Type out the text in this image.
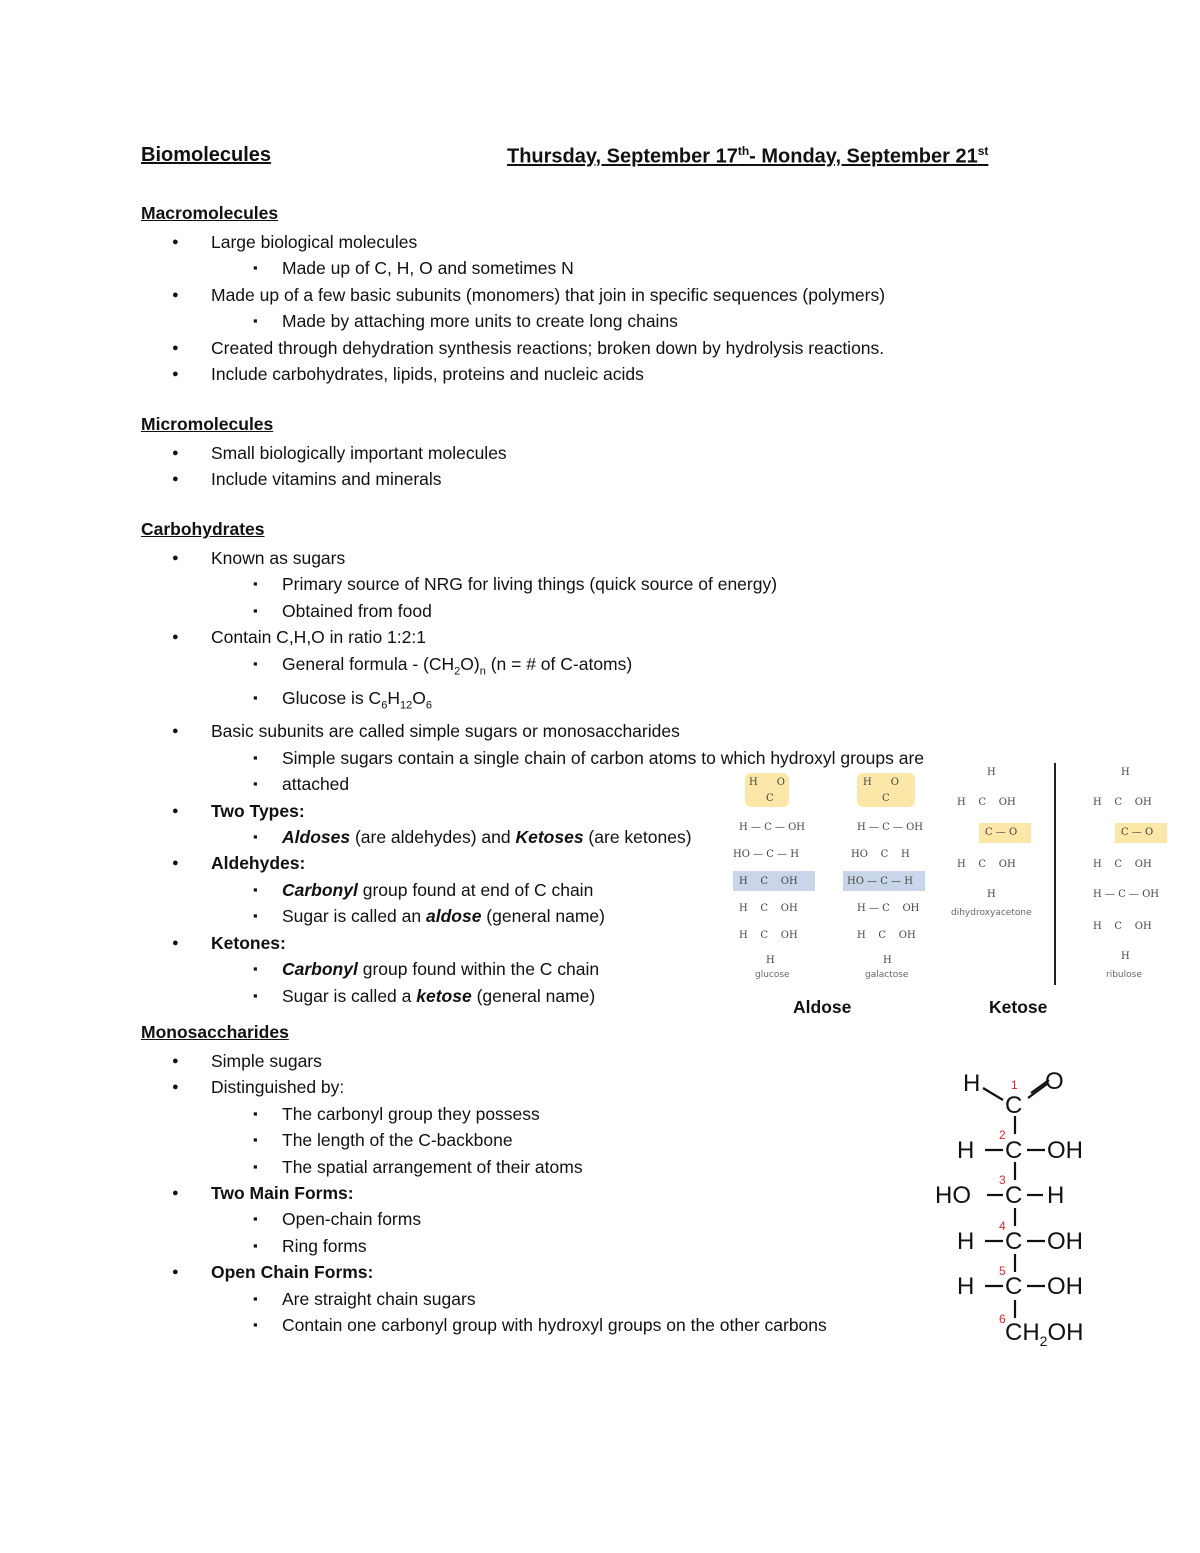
Biomolecules	Thursday, September 17th- Monday, September 21st
Macromolecules
● Large biological molecules
▪ Made up of C, H, O and sometimes N
● Made up of a few basic subunits (monomers) that join in specific sequences (polymers)
▪ Made by attaching more units to create long chains
● Created through dehydration synthesis reactions; broken down by hydrolysis reactions.
● Include carbohydrates, lipids, proteins and nucleic acids
Micromolecules
● Small biologically important molecules
● Include vitamins and minerals
Carbohydrates
● Known as sugars
▪ Primary source of NRG for living things (quick source of energy)
▪ Obtained from food
● Contain C,H,O in ratio 1:2:1
▪ General formula - $(CH_2O)_n$ (n = # of C-atoms)
▪ Glucose is $C_6H_{12}O_6$
● Basic subunits are called simple sugars or monosaccharides
▪ Simple sugars contain a single chain of carbon atoms to which hydroxyl groups are
▪ attached
● Two Types:
▪ Aldoses (are aldehydes) and Ketoses (are ketones)
● Aldehydes:
▪ Carbonyl group found at end of C chain
▪ Sugar is called an aldose (general name)
● Ketones:
▪ Carbonyl group found within the C chain
▪ Sugar is called a ketose (general name)
H      O
C
H — C — OH
HO — C — H
H    C    OH
H    C    OH
H    C    OH
H
glucose
H      O
C
H — C — OH
HO    C    H
HO — C — H
H — C    OH
H    C    OH
H
galactose
H
H    C    OH
C — O
H    C    OH
H
dihydroxyacetone
H
H    C    OH
C — O
H    C    OH
H — C — OH
H    C    OH
H
ribulose
Aldose	Ketose
Monosaccharides
● Simple sugars
● Distinguished by:
▪ The carbonyl group they possess
▪ The length of the C-backbone
▪ The spatial arrangement of their atoms
● Two Main Forms:
▪ Open-chain forms
▪ Ring forms
● Open Chain Forms:
▪ Are straight chain sugars
▪ Contain one carbonyl group with hydroxyl groups on the other carbons
H
C
O
H C OH
HO C H
H C OH
H C OH
$CH_2OH$
1
2
3
4
5
6
